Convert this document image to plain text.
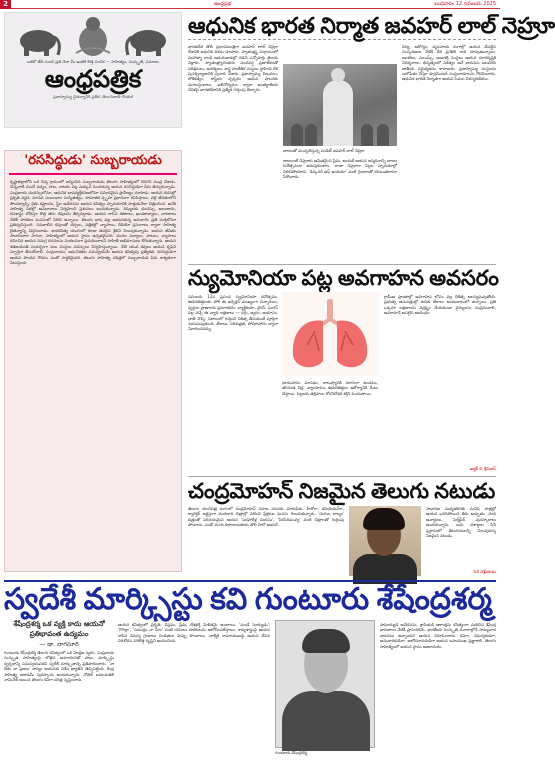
2	ఆంధ్రప్రభ	బుధవారం 12 నవంబరు 2025
ఒకటో తేదీ నుంచి ప్రతి నెలా మీ ఇంటికి కొత్త సంచిక — సాహిత్యం, సంస్కృతి, సమాజం
ఆంధ్రపత్రిక
ప్రజాస్వామ్య చైతన్యానికి ప్రతీక, తెలుగుజాతి గొంతుక
'రససిద్ధుడు' సుబ్బరాయడు
కృష్ణాజిల్లాలోని ఒక చిన్న గ్రామంలో జన్మించిన సుబ్బరాయడు తెలుగు సాహిత్యంలో చెరగని ముద్ర వేశాడు. చిన్ననాటి నుంచే పద్యం, పాట, నాటకం పట్ల మక్కువ పెంచుకున్న ఆయన రససిద్ధుడిగా పేరు తెచ్చుకున్నాడు. సంప్రదాయ ఛందస్సులోనూ, ఆధునిక భావవ్యక్తీకరణలోనూ సమానమైన ప్రావీణ్యం చూపాడు. ఆయన రచనల్లో ప్రకృతి వర్ణన, మానవ సంబంధాల సున్నితత్వం, సామాజిక స్పృహ ప్రధానంగా కనిపిస్తాయి. పల్లె జీవితంలోని సౌందర్యాన్ని, రైతు కష్టాలను, స్త్రీల ఆవేదనను ఆయన కవిత్వం హృదయానికి హత్తుకునేలా చిత్రించింది. అనేక సాహిత్య సభల్లో అవధానాలు నిర్వహించి ప్రశంసలు అందుకున్నాడు. శిష్యులకు ఛందస్సు, అలంకారం, రసశాస్త్రం బోధిస్తూ కొత్త తరం కవులను తీర్చిదిద్దాడు. ఆయన రాసిన శతకాలు, ఖండకావ్యాలు, నాటకాలు నేటికీ పాఠకుల మనసులో నిలిచి ఉన్నాయి. తెలుగు భాష పట్ల ఆయనకున్న అనురాగం ప్రతి పంక్తిలోనూ ప్రతిధ్వనిస్తుంది. సమకాలీన కవులతో చర్చలు, పత్రికల్లో వ్యాసాలు, రేడియో ప్రసంగాలు ద్వారా సాహిత్య చైతన్యాన్ని విస్తరించాడు. భావకవిత్వ యుగంలో కూడా తనదైన శైలిని నిలుపుకున్నాడు. ఆయన జీవితం సాదాసీదాగా సాగినా, సాహిత్యంలో ఆయన స్థానం ఉన్నతమైనది. వందల పద్యాలు, పాటలు, వ్యాసాలు రచించిన ఆయన సమగ్ర రచనలను సంకలనంగా ప్రచురించాలని సాహితీ అభిమానులు కోరుతున్నారు. ఆయన శతజయంతి సందర్భంగా పలు సంస్థలు సదస్సులు నిర్వహిస్తున్నాయి. నేటి యువ కవులు ఆయన కృషిని స్ఫూర్తిగా తీసుకోవాలి. సంప్రదాయం, ఆధునికతల సమన్వయమే ఆయన కవిత్వపు ప్రత్యేకత. రససిద్ధుడిగా ఆయన పొందిన గౌరవం ఎంతో సార్థకమైనది. తెలుగు సాహిత్య చరిత్రలో సుబ్బరాయడి పేరు శాశ్వతంగా నిలుస్తుంది.
ఆధునిక భారత నిర్మాత జవహర్ లాల్ నెహ్రూ
భారతదేశ తొలి ప్రధానమంత్రిగా జవహర్ లాల్ నెహ్రూ దేశానికి ఆధునిక దిశను చూపారు. స్వాతంత్ర్య సంగ్రామంలో మహాత్మా గాంధీ అడుగుజాడల్లో నడిచి ఎన్నోసార్లు జైలుకు వెళ్లారు. స్వాతంత్ర్యానంతరం పంచవర్ష ప్రణాళికలతో పరిశ్రమలు, ఆనకట్టలు, శాస్త్ర సాంకేతిక సంస్థలు స్థాపించి దేశ పునర్నిర్మాణానికి పునాది వేశారు. ప్రజాస్వామ్య విలువలు, లౌకికత్వం, శాస్త్రీయ దృక్పథం ఆయన పాలనకు మూలస్తంభాలు. అలీనోద్యమం ద్వారా అంతర్జాతీయ వేదికపై భారతదేశానికి ప్రత్యేక గుర్తింపు తెచ్చారు.
బాలలతో ముచ్చటిస్తున్న పండిట్ జవహర్ లాల్ నెహ్రూ
బాలలంటే నెహ్రూకు అమితమైన ప్రేమ. అందుకే ఆయన జన్మదినాన్ని బాలల దినోత్సవంగా జరుపుకుంటాం. చాచా నెహ్రూగా పిల్లల హృదయాల్లో నిలిచిపోయారు. 'డిస్కవరీ ఆఫ్ ఇండియా' వంటి గ్రంథాలతో రచయితగానూ పేరొందారు.
విద్య, ఆరోగ్యం, వ్యవసాయ రంగాల్లో ఆయన చేపట్టిన సంస్కరణలు నేటికీ దేశ ప్రగతికి దారి చూపుతున్నాయి. ఐఐటీలు, ఎయిమ్స్, అణుశక్తి సంస్థలు ఆయన దూరదృష్టికి నిదర్శనాలు. భిన్నత్వంలో ఏకత్వం అనే భావనను బలపరిచి జాతీయ సమైక్యతను కాపాడారు. ప్రజాస్వామ్య సంస్థలను బలోపేతం చేస్తూ పార్లమెంటరీ సంప్రదాయాలను గౌరవించారు. ఆధునిక భారత నిర్మాతగా ఆయన సేవలు చిరస్మరణీయం.
న్యుమోనియా పట్ల అవగాహన అవసరం
నవంబరు 12న ప్రపంచ న్యుమోనియా దినోత్సవం. ఊపిరితిత్తులకు సోకే ఈ ఇన్ఫెక్షన్ ముఖ్యంగా చిన్నారులు, వృద్ధుల ప్రాణాలకు ప్రమాదకరం. బ్యాక్టీరియా, వైరస్, ఫంగస్ వల్ల వచ్చే ఈ వ్యాధి లక్షణాలు — దగ్గు, జ్వరం, ఆయాసం, ఛాతీ నొప్పి. సకాలంలో గుర్తించి చికిత్స తీసుకుంటే పూర్తిగా నయమవుతుంది. టీకాలు, పరిశుభ్రత, పోషకాహారం ద్వారా నివారించవచ్చు.
ధూమపానం మానడం, కాలుష్యానికి దూరంగా ఉండటం, తగినంత నిద్ర, వ్యాయామం ఊపిరితిత్తుల ఆరోగ్యానికి మేలు చేస్తాయి. పిల్లలకు తల్లిపాలు రోగనిరోధక శక్తిని పెంచుతాయి.
గ్రామీణ ప్రాంతాల్లో అవగాహన లోపం వల్ల చికిత్స ఆలస్యమవుతోంది. ప్రభుత్వ ఆసుపత్రుల్లో ఉచిత టీకాలు అందుబాటులో ఉన్నాయి. ప్రతి ఒక్కరూ లక్షణాలను నిర్లక్ష్యం చేయకుండా వైద్యులను సంప్రదించాలి. అవగాహనే అసలైన ఆయుధం.
డాక్టర్ కె. శ్రీనివాస్
చంద్రమోహన్ నిజమైన తెలుగు నటుడు
తెలుగు చలనచిత్ర రంగంలో చంద్రమోహన్ సహజ నటనకు మారుపేరు. హీరోగా, కమెడియన్‌గా, క్యారెక్టర్ ఆర్టిస్టుగా వందలాది చిత్రాల్లో నటించి ప్రేక్షకుల మనసు గెలుచుకున్నారు. 'రంగుల రాట్నం' చిత్రంతో పరిచయమైన ఆయన 'పదహారేళ్ల వయసు', 'సిరిసిరిమువ్వ' వంటి చిత్రాలతో గుర్తింపు పొందారు. ఎంతో మంది కథానాయికలకు తొలి హీరో ఆయనే.
సాధారణ మధ్యతరగతి మనిషి పాత్రల్లో ఆయన ఒదిగిపోయిన తీరు అద్భుతం. నంది అవార్డులు, ఫిల్మ్‌ఫేర్ పురస్కారాలు అందుకున్నారు. ఐదు దశాబ్దాల సినీ ప్రస్థానంలో తెలుగుదనాన్ని నిలుపుకున్న నిజమైన నటుడు.
సినీ విశ్లేషకుడు
స్వదేశీ మార్క్సిస్టు కవి గుంటూరు శేషేంద్రశర్మ
శేషేంద్రశర్మ ఒక వ్యక్తి కాదు ఆయనో ప్రతిభావంత ఉద్యమం
— డా. నాగసూరి
గుంటూరు శేషేంద్రశర్మ తెలుగు కవిత్వంలో ఒక విలక్షణ స్వరం. సంప్రదాయ సంస్కృత సాహిత్యంపై లోతైన అవగాహనతో పాటు మార్క్సిస్టు దృక్పథాన్ని సమన్వయపరచి స్వదేశీ మార్క్సిజాన్ని ప్రతిపాదించారు. 'నా దేశం నా ప్రజలు' కావ్యం ఆయనకు విశేష ఖ్యాతిని తెచ్చిపెట్టింది. కేంద్ర సాహిత్య అకాడమీ పురస్కారం అందుకున్నారు. నోబెల్ బహుమతికి నామినేట్ అయిన తెలుగు కవిగా చరిత్ర సృష్టించారు.
ఆయన కవిత్వంలో ప్రకృతి, విప్లవం, ప్రేమ, దేశభక్తి మిళితమై ఉంటాయి. 'మండే సూర్యుడు', 'గొరిల్లా', 'సముద్రం నా పేరు' వంటి రచనలు పాఠకులను ఆలోచింపజేస్తాయి. కావ్యశాస్త్రంపై ఆయన రాసిన విమర్శ గ్రంథాలు పండితుల మెప్పు పొందాయి. వాల్మీకి రామాయణంపై ఆయన చేసిన పరిశోధన సరికొత్త దృష్టిని అందించింది.
గుంటూరు శేషేంద్రశర్మ
సామాన్యుడి ఆవేదనను, శ్రామికుడి ఆకాంక్షను కవిత్వంగా మలిచిన శేషేంద్ర భావజాలం నేటికీ ప్రాసంగికమే. భారతీయ సంస్కృతి మూలాల్లోనే సామ్యవాద భావనలు ఉన్నాయని ఆయన నిరూపించారు. కవిగా, విమర్శకుడిగా, అనువాదకుడిగా, ఆలోచనాపరుడిగా ఆయన బహుముఖ ప్రజ్ఞాశాలి. తెలుగు సాహిత్యంలో ఆయన స్థానం అజరామరం.
